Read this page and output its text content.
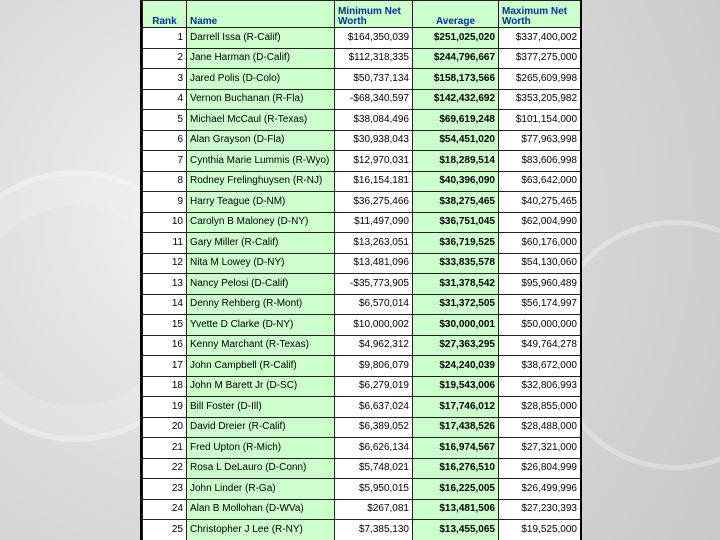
Rank	Name	Minimum Net Worth	Average	Maximum Net Worth
1	Darrell Issa (R-Calif)	$164,350,039	$251,025,020	$337,400,002
2	Jane Harman (D-Calif)	$112,318,335	$244,796,667	$377,275,000
3	Jared Polis (D-Colo)	$50,737,134	$158,173,566	$265,609,998
4	Vernon Buchanan (R-Fla)	-$68,340,597	$142,432,692	$353,205,982
5	Michael McCaul (R-Texas)	$38,084,496	$69,619,248	$101,154,000
6	Alan Grayson (D-Fla)	$30,938,043	$54,451,020	$77,963,998
7	Cynthia Marie Lummis (R-Wyo)	$12,970,031	$18,289,514	$83,606,998
8	Rodney Frelinghuysen (R-NJ)	$16,154,181	$40,396,090	$63,642,000
9	Harry Teague (D-NM)	$36,275,466	$38,275,465	$40,275,465
10	Carolyn B Maloney (D-NY)	$11,497,090	$36,751,045	$62,004,990
11	Gary Miller (R-Calif)	$13,263,051	$36,719,525	$60,176,000
12	Nita M Lowey (D-NY)	$13,481,096	$33,835,578	$54,130,060
13	Nancy Pelosi (D-Calif)	-$35,773,905	$31,378,542	$95,960,489
14	Denny Rehberg (R-Mont)	$6,570,014	$31,372,505	$56,174,997
15	Yvette D Clarke (D-NY)	$10,000,002	$30,000,001	$50,000,000
16	Kenny Marchant (R-Texas)	$4,962,312	$27,363,295	$49,764,278
17	John Campbell (R-Calif)	$9,806,079	$24,240,039	$38,672,000
18	John M Barett Jr (D-SC)	$6,279,019	$19,543,006	$32,806,993
19	Bill Foster (D-Ill)	$6,637,024	$17,746,012	$28,855,000
20	David Dreier (R-Calif)	$6,389,052	$17,438,526	$28,488,000
21	Fred Upton (R-Mich)	$6,626,134	$16,974,567	$27,321,000
22	Rosa L DeLauro (D-Conn)	$5,748,021	$16,276,510	$26,804,999
23	John Linder (R-Ga)	$5,950,015	$16,225,005	$26,499,996
24	Alan B Mollohan (D-WVa)	$267,081	$13,481,506	$27,230,393
25	Christopher J Lee (R-NY)	$7,385,130	$13,455,065	$19,525,000
